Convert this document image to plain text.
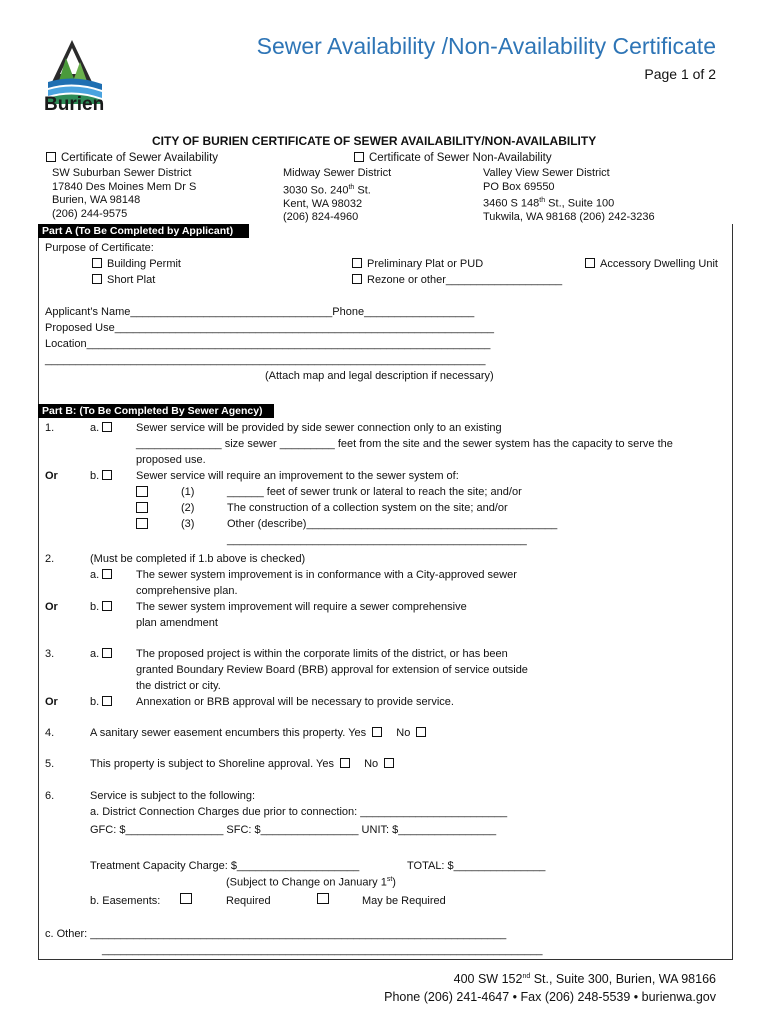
Burien
Sewer Availability /Non-Availability Certificate
Page 1 of 2
CITY OF BURIEN CERTIFICATE OF SEWER AVAILABILITY/NON-AVAILABILITY
Certificate of Sewer Availability	Certificate of Sewer Non-Availability
SW Suburban Sewer District
17840 Des Moines Mem Dr S
Burien, WA 98148
(206) 244-9575
Midway Sewer District
3030 So. 240th St.
Kent, WA 98032
(206) 824-4960
Valley View Sewer District
PO Box 69550
3460 S 148th St., Suite 100
Tukwila, WA 98168 (206) 242-3236
Part A (To Be Completed by Applicant)
Purpose of Certificate:
Building Permit
Short Plat
Preliminary Plat or PUD
Rezone or other___________________
Accessory Dwelling Unit
Applicant’s Name_________________________________Phone__________________
Proposed Use______________________________________________________________
Location__________________________________________________________________
________________________________________________________________________
(Attach map and legal description if necessary)
Part B: (To Be Completed By Sewer Agency)
1.	a.	Sewer service will be provided by side sewer connection only to an existing
______________ size sewer _________ feet from the site and the sewer system has the capacity to serve the
proposed use.
Or	b.	Sewer service will require an improvement to the sewer system of:
(1)	______ feet of sewer trunk or lateral to reach the site; and/or
(2)	The construction of a collection system on the site; and/or
(3)	Other (describe)_________________________________________
_________________________________________________
2.	(Must be completed if 1.b above is checked)
a.	The sewer system improvement is in conformance with a City-approved sewer
comprehensive plan.
Or	b.	The sewer system improvement will require a sewer comprehensive
plan amendment
3.	a.	The proposed project is within the corporate limits of the district, or has been
granted Boundary Review Board (BRB) approval for extension of service outside
the district or city.
Or	b.	Annexation or BRB approval will be necessary to provide service.
4.	A sanitary sewer easement encumbers this property. Yes	No
5.	This property is subject to Shoreline approval. Yes	No
6.	Service is subject to the following:
a. District Connection Charges due prior to connection: ________________________
GFC: $________________ SFC: $________________ UNIT: $________________
Treatment Capacity Charge: $____________________	TOTAL: $_______________
(Subject to Change on January 1st)
b. Easements:	Required	May be Required
c. Other: ____________________________________________________________________
________________________________________________________________________
400 SW 152nd St., Suite 300, Burien, WA 98166
Phone (206) 241-4647 • Fax (206) 248-5539 • burienwa.gov
